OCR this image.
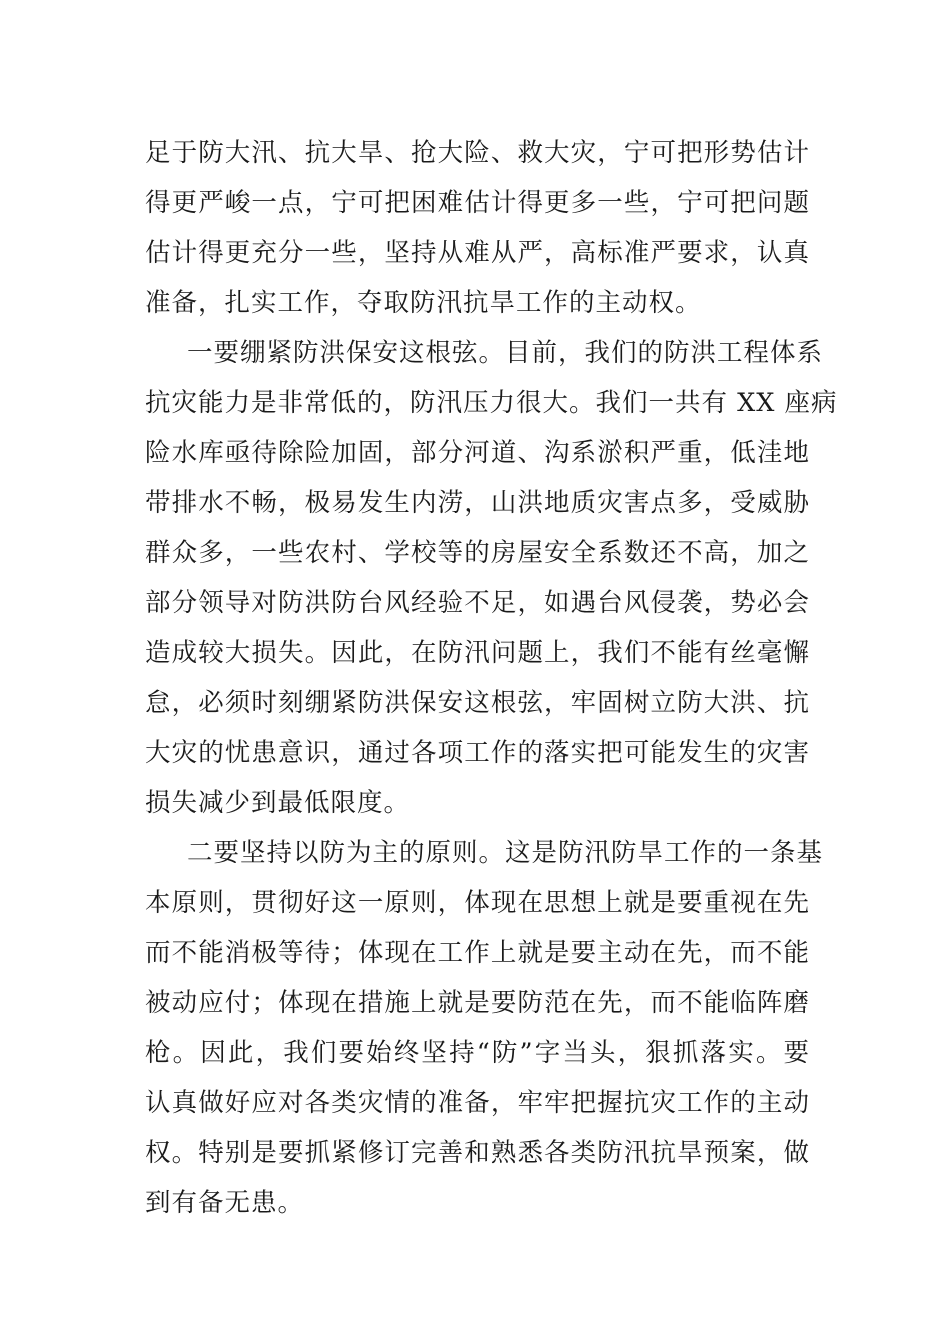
足于防大汛、抗大旱、抢大险、救大灾，宁可把形势估计
得更严峻一点，宁可把困难估计得更多一些，宁可把问题
估计得更充分一些，坚持从难从严，高标准严要求，认真
准备，扎实工作，夺取防汛抗旱工作的主动权。

一要绷紧防洪保安这根弦。目前，我们的防洪工程体系
抗灾能力是非常低的，防汛压力很大。我们一共有 XX 座病
险水库亟待除险加固，部分河道、沟系淤积严重，低洼地
带排水不畅，极易发生内涝，山洪地质灾害点多，受威胁
群众多，一些农村、学校等的房屋安全系数还不高，加之
部分领导对防洪防台风经验不足，如遇台风侵袭，势必会
造成较大损失。因此，在防汛问题上，我们不能有丝毫懈
怠，必须时刻绷紧防洪保安这根弦，牢固树立防大洪、抗
大灾的忧患意识，通过各项工作的落实把可能发生的灾害
损失减少到最低限度。

二要坚持以防为主的原则。这是防汛防旱工作的一条基
本原则，贯彻好这一原则，体现在思想上就是要重视在先
而不能消极等待；体现在工作上就是要主动在先，而不能
被动应付；体现在措施上就是要防范在先，而不能临阵磨
枪。因此，我们要始终坚持“防”字当头，狠抓落实。要
认真做好应对各类灾情的准备，牢牢把握抗灾工作的主动
权。特别是要抓紧修订完善和熟悉各类防汛抗旱预案，做
到有备无患。
